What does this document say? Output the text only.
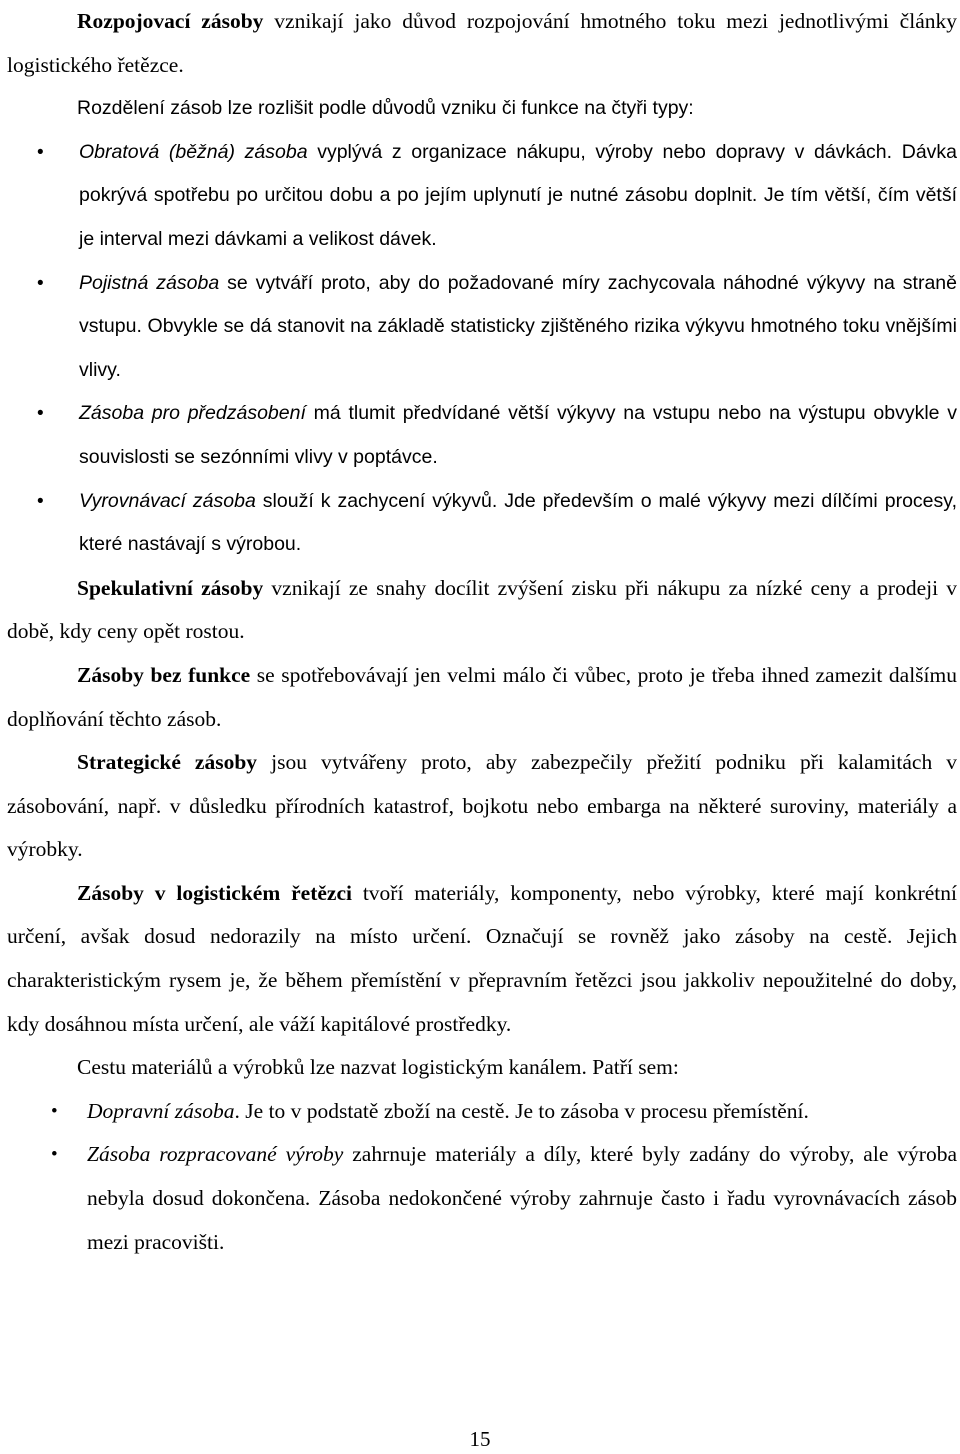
Rozpojovací zásoby vznikají jako důvod rozpojování hmotného toku mezi jednotlivými články logistického řetězce.

Rozdělení zásob lze rozlišit podle důvodů vzniku či funkce na čtyři typy:

• Obratová (běžná) zásoba vyplývá z organizace nákupu, výroby nebo dopravy v dávkách. Dávka pokrývá spotřebu po určitou dobu a po jejím uplynutí je nutné zásobu doplnit. Je tím větší, čím větší je interval mezi dávkami a velikost dávek.
• Pojistná zásoba se vytváří proto, aby do požadované míry zachycovala náhodné výkyvy na straně vstupu. Obvykle se dá stanovit na základě statisticky zjištěného rizika výkyvu hmotného toku vnějšími vlivy.
• Zásoba pro předzásobení má tlumit předvídané větší výkyvy na vstupu nebo na výstupu obvykle v souvislosti se sezónními vlivy v poptávce.
• Vyrovnávací zásoba slouží k zachycení výkyvů. Jde především o malé výkyvy mezi dílčími procesy, které nastávají s výrobou.

Spekulativní zásoby vznikají ze snahy docílit zvýšení zisku při nákupu za nízké ceny a prodeji v době, kdy ceny opět rostou.

Zásoby bez funkce se spotřebovávají jen velmi málo či vůbec, proto je třeba ihned zamezit dalšímu doplňování těchto zásob.

Strategické zásoby jsou vytvářeny proto, aby zabezpečily přežití podniku při kalamitách v zásobování, např. v důsledku přírodních katastrof, bojkotu nebo embarga na některé suroviny, materiály a výrobky.

Zásoby v logistickém řetězci tvoří materiály, komponenty, nebo výrobky, které mají konkrétní určení, avšak dosud nedorazily na místo určení. Označují se rovněž jako zásoby na cestě. Jejich charakteristickým rysem je, že během přemístění v přepravním řetězci jsou jakkoliv nepoužitelné do doby, kdy dosáhnou místa určení, ale váží kapitálové prostředky.

Cestu materiálů a výrobků lze nazvat logistickým kanálem. Patří sem:

• Dopravní zásoba. Je to v podstatě zboží na cestě. Je to zásoba v procesu přemístění.
• Zásoba rozpracované výroby zahrnuje materiály a díly, které byly zadány do výroby, ale výroba nebyla dosud dokončena. Zásoba nedokončené výroby zahrnuje často i řadu vyrovnávacích zásob mezi pracovišti.
15
